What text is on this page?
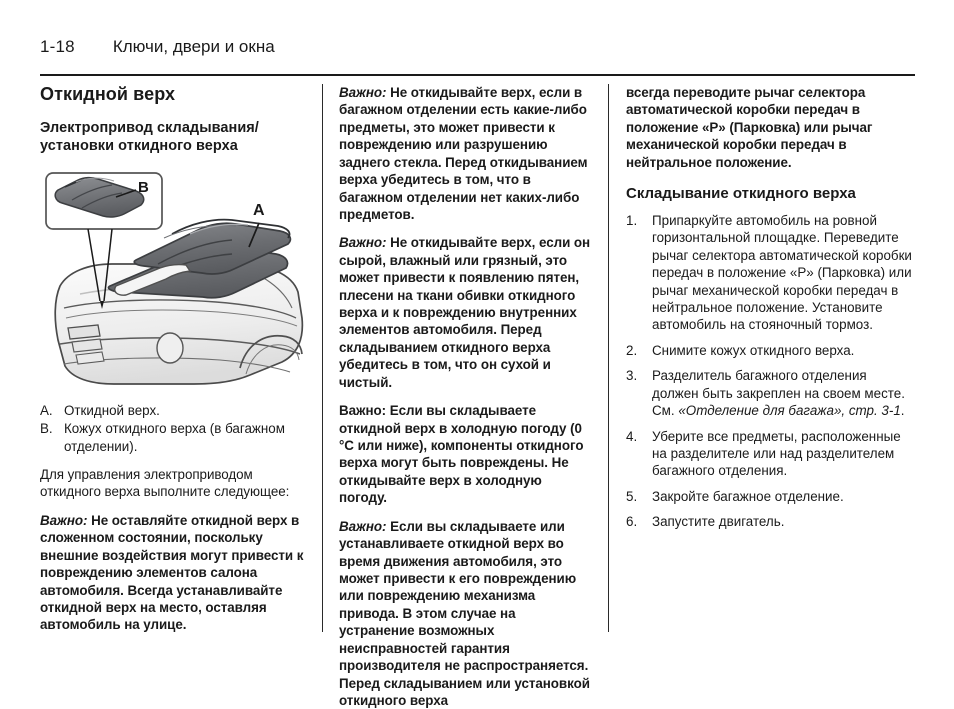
1-18 Ключи, двери и окна
Откидной верх
Электропривод складывания/ установки откидного верха
A
B
A. Откидной верх.
B. Кожух откидного верха (в багажном отделении).

Для управления электроприводом откидного верха выполните следующее:

Важно: Не оставляйте откидной верх в сложенном состоянии, поскольку внешние воздействия могут привести к повреждению элементов салона автомобиля. Всегда устанавливайте откидной верх на место, оставляя автомобиль на улице.

Важно: Не откидывайте верх, если в багажном отделении есть какие-либо предметы, это может привести к повреждению или разрушению заднего стекла. Перед откидыванием верха убедитесь в том, что в багажном отделении нет каких-либо предметов.

Важно: Не откидывайте верх, если он сырой, влажный или грязный, это может привести к появлению пятен, плесени на ткани обивки откидного верха и к повреждению внутренних элементов автомобиля. Перед складыванием откидного верха убедитесь в том, что он сухой и чистый.

Важно: Если вы складываете откидной верх в холодную погоду (0 °C или ниже), компоненты откидного верха могут быть повреждены. Не откидывайте верх в холодную погоду.

Важно: Если вы складываете или устанавливаете откидной верх во время движения автомобиля, это может привести к его повреждению или повреждению механизма привода. В этом случае на устранение возможных неисправностей гарантия производителя не распространяется. Перед складыванием или установкой откидного верха

всегда переводите рычаг селектора автоматической коробки передач в положение «P» (Парковка) или рычаг механической коробки передач в нейтральное положение.

Складывание откидного верха
1. Припаркуйте автомобиль на ровной горизонтальной площадке. Переведите рычаг селектора автоматической коробки передач в положение «P» (Парковка) или рычаг механической коробки передач в нейтральное положение. Установите автомобиль на стояночный тормоз.
2. Снимите кожух откидного верха.
3. Разделитель багажного отделения должен быть закреплен на своем месте. См. «Отделение для багажа», стр. 3-1.
4. Уберите все предметы, расположенные на разделителе или над разделителем багажного отделения.
5. Закройте багажное отделение.
6. Запустите двигатель.
